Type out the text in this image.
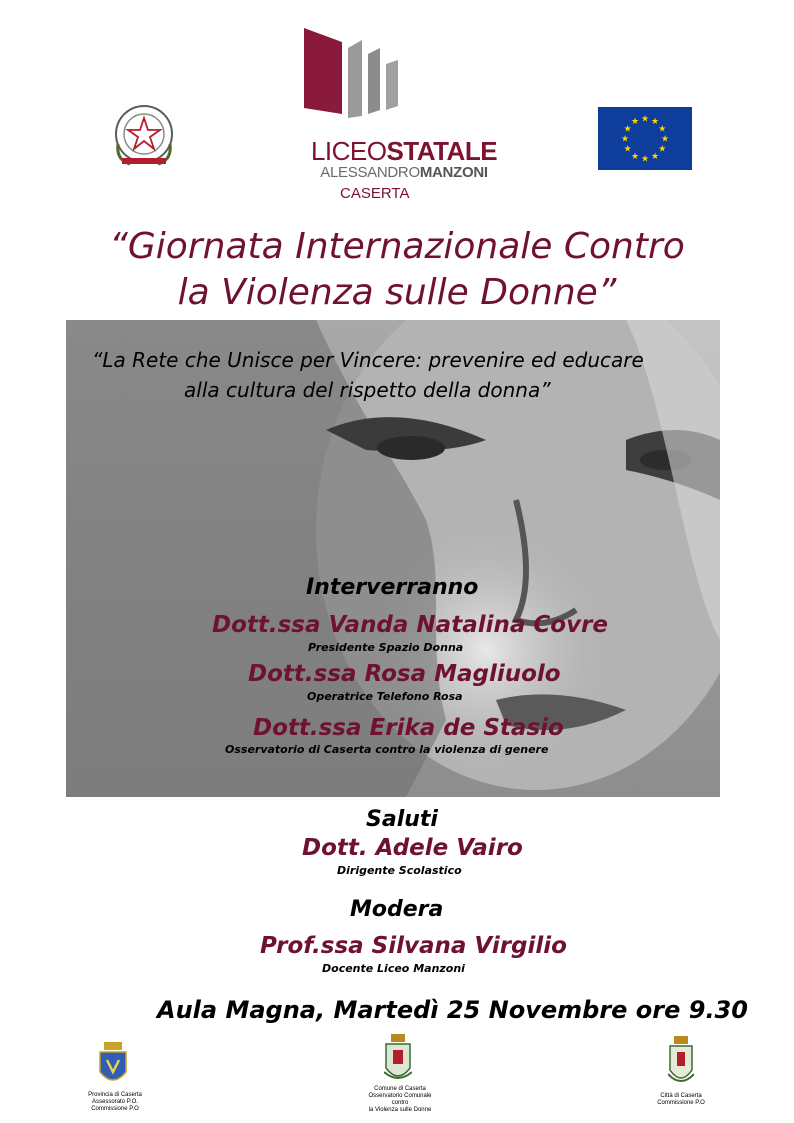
LICEOSTATALE
ALESSANDROMANZONI
CASERTA
★ ★
★
★
★
★
★
★
★
★
★
★
“Giornata Internazionale Contro
la Violenza sulle Donne”
“La Rete che Unisce per Vincere: prevenire ed educare
alla cultura del rispetto della donna”
Interverranno
Dott.ssa Vanda Natalina Covre
Presidente Spazio Donna
Dott.ssa Rosa Magliuolo
Operatrice Telefono Rosa
Dott.ssa Erika de Stasio
Osservatorio di Caserta contro la violenza di genere
Saluti
Dott. Adele Vairo
Dirigente Scolastico
Modera
Prof.ssa Silvana Virgilio
Docente Liceo Manzoni
Aula Magna, Martedì 25 Novembre ore 9.30
Provincia di Caserta
Assessorato P.O.
Commissione P.O
Comune di Caserta
Osservatorio Comunale
contro
la Violenza sulle Donne
Città di Caserta
Commissione P.O
